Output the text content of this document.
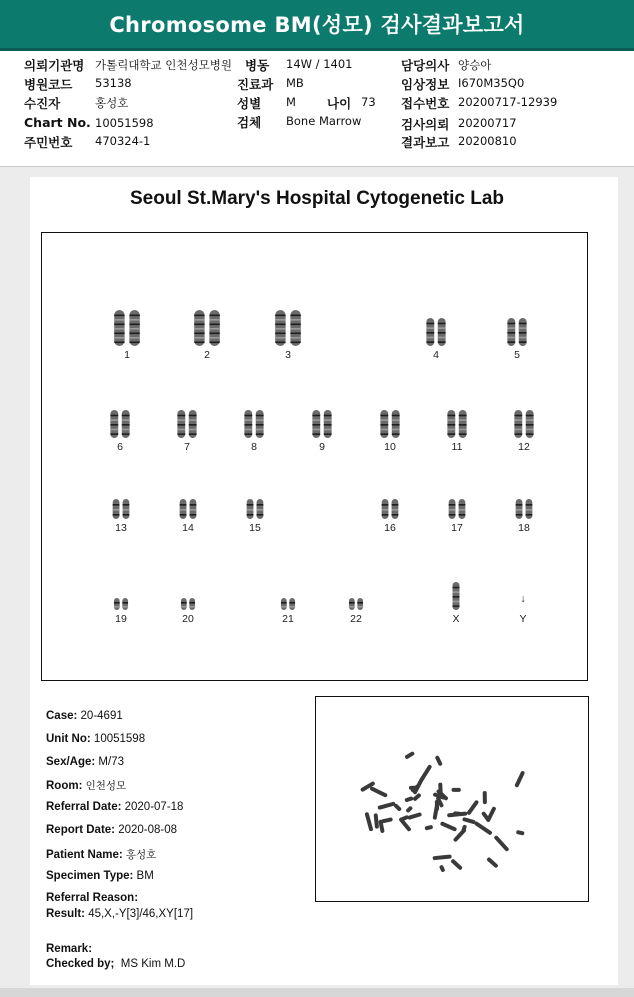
Chromosome BM(성모) 검사결과보고서
의뢰기관명 가톨릭대학교 인천성모병원
병원코드 53138
수진자	홍성호
Chart No. 10051598
주민번호 470324-1
병동 14W / 1401
진료과 MB
성별 M 나이 73
검체 Bone Marrow
담당의사 양승아
임상정보 I670M35Q0
접수번호 20200717-12939
검사의뢰 20200717
결과보고 20200810
Seoul St.Mary's Hospital Cytogenetic Lab
1	2	3	4	5
6	7	8	9	10	11	12
13	14	15	16	17	18
19	20	21	22	X	Y
↓
Case: 20-4691
Unit No: 10051598
Sex/Age: M/73
Room: 인천성모
Referral Date: 2020-07-18
Report Date: 2020-08-08
Patient Name: 홍성호
Specimen Type: BM
Referral Reason:
Result: 45,X,-Y[3]/46,XY[17]
Remark:
Checked by; MS Kim M.D
